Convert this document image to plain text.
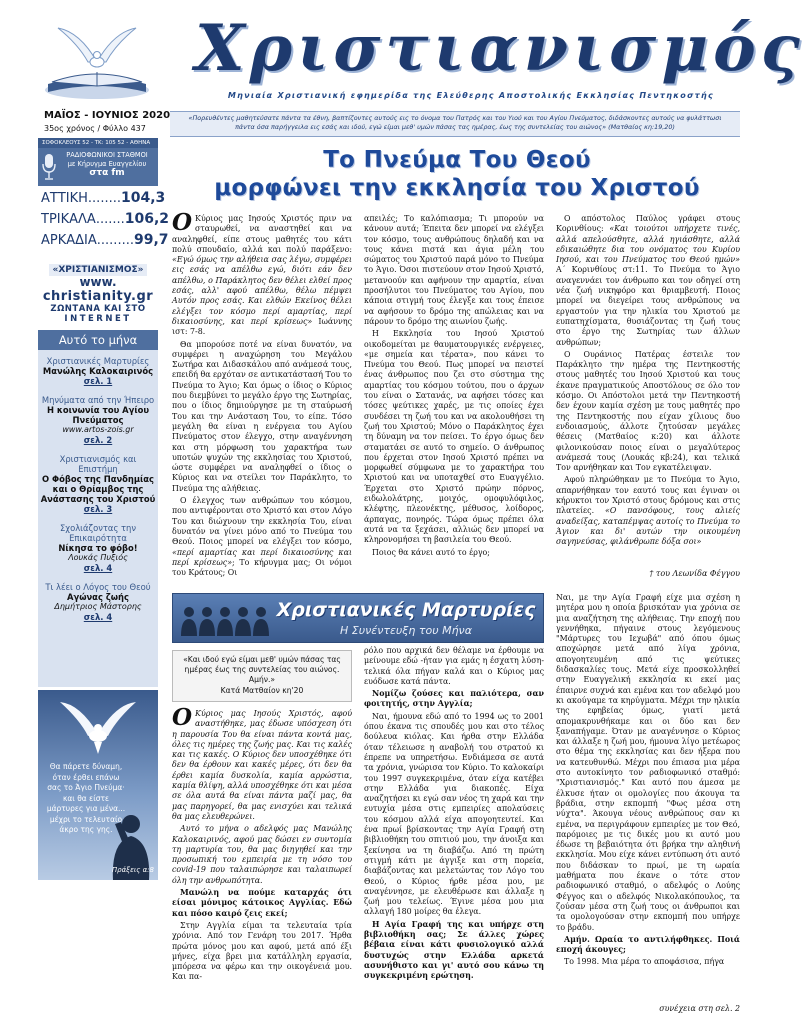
Χριστιανισμός
Μηνιαία Χριστιανική εφημερίδα της Ελεύθερης Αποστολικής Εκκλησίας Πεντηκοστής
ΜΑΪΟΣ - ΙΟΥΝΙΟΣ 2020
35ος χρόνος / Φύλλο 437
«Πορευθέντες μαθητεύσατε πάντα τα έθνη, βαπτίζοντες αυτούς εις το όνομα του Πατρός και του Υιού και του Αγίου Πνεύματος, διδάσκοντες αυτούς να φυλάττωσι πάντα όσα παρήγγειλα εις εσάς και ιδού, εγώ είμαι μεθ' υμών πάσας τας ημέρας, έως της συντελείας του αιώνος» (Ματθαίος κη:19,20)
ΣΟΦΟΚΛΕΟΥΣ 52 - ΤΚ: 105 52 - ΑΘΗΝΑ
ΡΑΔΙΟΦΩΝΙΚΟΙ ΣΤΑΘΜΟΙ
με Κήρυγμα Ευαγγελίου
στα fm
ΑΤΤΙΚΗ ........ 104,3
ΤΡΙΚΑΛΑ ....... 106,2
ΑΡΚΑΔΙΑ ......... 99,7
«ΧΡΙΣΤΙΑΝΙΣΜΟΣ»
www.
christianity.gr
ΖΩΝΤΑΝΑ ΚΑΙ ΣΤΟ
INTERNET
Αυτό το μήνα
Χριστιανικές Μαρτυρίες
Μανώλης Καλοκαιρινός
σελ. 1
Μηνύματα από την Ήπειρο
Η κοινωνία του Αγίου Πνεύματος
www.artos-zois.gr
σελ. 2
Χριστιανισμός και Επιστήμη
Ο Φόβος της Πανδημίας και ο Θρίαμβος της Ανάστασης του Χριστού
σελ. 3
Σχολιάζοντας την Επικαιρότητα
Νίκησα το φόβο!
Λουκάς Πυξιός
σελ. 4
Τι λέει ο Λόγος του Θεού
Αγώνας ζωής
Δημήτριος Μάστορης
σελ. 4
Θα πάρετε δύναμη, όταν έρθει επάνω σας το Άγιο Πνεύμα· και θα είστε μάρτυρες για μένα... μέχρι το τελευταίο άκρο της γης.
Πράξεις α:8
Το Πνεύμα Του Θεού
μορφώνει την εκκλησία του Χριστού

Ο Κύριος μας Ιησούς Χριστός πριν να σταυρωθεί, να αναστηθεί και να αναληφθεί, είπε στους μαθητές του κάτι πολύ σπουδαίο, αλλά και πολύ παράξενο: «Εγώ όμως την αλήθεια σας λέγω, συμφέρει εις εσάς να απέλθω εγώ, διότι εάν δεν απέλθω, ο Παράκλητος δεν θέλει ελθεί προς εσάς, αλλ' αφού απέλθω, θέλω πέμψει Αυτόν προς εσάς. Και ελθών Εκείνος θέλει ελέγξει τον κόσμο περί αμαρτίας, περί δικαιοσύνης, και περί κρίσεως» Ιωάννης ιστ: 7-8.

Θα μπορούσε ποτέ να είναι δυνατόν, να συμφέρει η αναχώρηση του Μεγάλου Σωτήρα και Διδασκάλου από ανάμεσά τους, επειδή θα ερχόταν σε αντικατάστασή Του το Πνεύμα το Άγιο; Και όμως ο ίδιος ο Κύριος που διεμβύνει το μεγάλο έργο της Σωτηρίας, που ο ίδιος δημιούργησε με τη σταύρωσή Του και την Ανάσταση Του, το είπε. Τόσο μεγάλη θα είναι η ενέργεια του Αγίου Πνεύματος στον έλεγχο, στην αναγέννηση και στη μόρφωση του χαρακτήρα των υποτών ψυχών της εκκλησίας του Χριστού, ώστε συμφέρει να αναληφθεί ο ίδιος ο Κύριος και να στείλει τον Παράκλητο, το Πνεύμα της αλήθειας.

Ο έλεγχος των ανθρώπων του κόσμου, που αντιφέρονται στο Χριστό και στον Λόγο Του και διώχνουν την εκκλησία Του, είναι δυνατόν να γίνει μόνο από το Πνεύμα του Θεού. Ποιος μπορεί να ελέγξει τον κόσμο, «περί αμαρτίας και περί δικαιοσύνης και περί κρίσεως»; Το κήρυγμα μας; Οι νόμοι του Κράτους; Οι

απειλές; Το καλόπιασμα; Τι μπορούν να κάνουν αυτά; Έπειτα δεν μπορεί να ελέγξει τον κόσμο, τους ανθρώπους δηλαδή και να τους κάνει πιστά και άγια μέλη του σώματος του Χριστού παρά μόνο το Πνεύμα το Άγιο. Όσοι πιστεύουν στον Ιησού Χριστό, μετανοούν και αφήνουν την αμαρτία, είναι προσήλυτοι του Πνεύματος του Αγίου, που κάποια στιγμή τους έλεγξε και τους έπεισε να αφήσουν το δρόμο της απώλειας και να πάρουν το δρόμο της αιωνίου ζωής.

Η Εκκλησία του Ιησού Χριστού οικοδομείται με θαυματουργικές ενέργειες, «με σημεία και τέρατα», που κάνει το Πνεύμα του Θεού. Πως μπορεί να πειστεί ένας άνθρωπος που ζει στο σύστημα της αμαρτίας του κόσμου τούτου, που ο άρχων του είναι ο Σατανάς, να αφήσει τόσες και τόσες ψεύτικες χαρές, με τις οποίες έχει συνδέσει τη ζωή του και να ακολουθήσει τη ζωή του Χριστού; Μόνο ο Παράκλητος έχει τη δύναμη να τον πείσει. Το έργο όμως δεν σταματάει σε αυτό το σημείο. Ο άνθρωπος που έρχεται στον Ιησού Χριστό πρέπει να μορφωθεί σύμφωνα με το χαρακτήρα του Χριστού και να υποταχθεί στο Ευαγγέλιο. Έρχεται στο Χριστό πρώην πόρνος, ειδωλολάτρης, μοιχός, ομοφυλόφιλος, κλέφτης, πλεονέκτης, μέθυσος, λοίδορος, άρπαγας, πονηρός. Τώρα όμως πρέπει όλα αυτά να τα ξεχάσει, αλλιώς δεν μπορεί να κληρονομήσει τη βασιλεία του Θεού.

Ποιος θα κάνει αυτό το έργο;

Ο απόστολος Παύλος γράφει στους Κορινθίους: «Και τοιούτοι υπήρχετε τινές, αλλά απελούσθητε, αλλά ηγιάσθητε, αλλά εδικαιώθητε δια του ονόματος του Κυρίου Ιησού, και του Πνεύματος του Θεού ημών» Α΄ Κορινθίους στ:11. Το Πνεύμα το Άγιο αναγεννάει τον άνθρωπο και τον οδηγεί στη νέα ζωή νικηφόρο και θριαμβευτή. Ποιος μπορεί να διεγείρει τους ανθρώπους να εργαστούν για την ηλικία του Χριστού με ευπατηχίσματα, θυσιάζοντας τη ζωή τους στο έργο της Σωτηρίας των άλλων ανθρώπων;

Ο Ουράνιος Πατέρας έστειλε τον Παράκλητο την ημέρα της Πεντηκοστής στους μαθητές του Ιησού Χριστού και τους έκανε πραγματικούς Αποστόλους σε όλο τον κόσμο. Οι Απόστολοι μετά την Πεντηκοστή δεν έχουν καμία σχέση με τους μαθητές προ της Πεντηκοστής που είχαν χίλιους δυο ενδοιασμούς, άλλοτε ζητούσαν μεγάλες θέσεις (Ματθαίος κ:20) και άλλοτε φιλονικούσαν ποιος είναι ο μεγαλύτερος ανάμεσά τους (Λουκάς κβ:24), και τελικά Τον αρνήθηκαν και Τον εγκατέλειψαν.

Αφού πληρώθηκαν με το Πνεύμα το Άγιο, απαρνήθηκαν τον εαυτό τους και έγιναν οι κήρυκτοι τον Χριστό στους δρόμους και στις πλατείες. «Ο πανσόφους, τους αλιείς αναδείξας, καταπέμψας αυτοίς το Πνεύμα το Άγιον και δι' αυτών την οικουμένη σαγηνεύσας, φιλάνθρωπε δόξα σοι»

† του Λεωνίδα Φέγγου
Χριστιανικές Μαρτυρίες
Η Συνέντευξη του Μήνα
«Και ιδού εγώ είμαι μεθ' υμών πάσας τας ημέρας έως της συντελείας του αιώνος. Αμήν.»
Κατά Ματθαίον κη'20

Ο Κύριος μας Ιησούς Χριστός, αφού αναστήθηκε, μας έδωσε υπόσχεση ότι η παρουσία Του θα είναι πάντα κοντά μας, όλες τις ημέρες της ζωής μας. Και τις καλές και τις κακές. Ο Κύριος δεν υποσχέθηκε ότι δεν θα έρθουν και κακές μέρες, ότι δεν θα έρθει καμία δυσκολία, καμία αρρώστια, καμία θλίψη, αλλά υποσχέθηκε ότι και μέσα σε όλα αυτά θα είναι πάντα μαζί μας, θα μας παρηγορεί, θα μας ενισχύει και τελικά θα μας ελευθερώνει.

Αυτό το μήνα ο αδελφός μας Μανώλης Καλοκαιρινός, αφού μας δώσει εν συντομία τη μαρτυρία του, θα μας διηγηθεί και την προσωπική του εμπειρία με τη νόσο του covid-19 που ταλαιπώρησε και ταλαιπωρεί όλη την ανθρωπότητα.

Μανώλη να πούμε καταρχάς ότι είσαι μόνιμος κάτοικος Αγγλίας. Εδώ και πόσο καιρό ζεις εκεί;

Στην Αγγλία είμαι τα τελευταία τρία χρόνια. Από τον Γενάρη του 2017. Ήρθα πρώτα μόνος μου και αφού, μετά από έξι μήνες, είχα βρει μια κατάλληλη εργασία, μπόρεσα να φέρω και την οικογένειά μου. Και πα-

ρόλο που αρχικά δεν θέλαμε να έρθουμε να μείνουμε εδώ -ήταν για εμάς η έσχατη λύση- τελικά όλα πήγαν καλά και ο Κύριος μας ευόδωσε κατά πάντα.

Νομίζω ζούσες και παλιότερα, σαν φοιτητής, στην Αγγλία;

Ναι, ήμουνα εδώ από το 1994 ως το 2001 όπου έκανα τις σπουδές μου και στο τέλος δούλευα κιόλας. Και ήρθα στην Ελλάδα όταν τέλειωσε η αναβολή του στρατού κι έπρεπε να υπηρετήσω. Ενδιάμεσα σε αυτά τα χρόνια, γνώρισα τον Κύριο. Το καλοκαίρι του 1997 συγκεκριμένα, όταν είχα κατέβει στην Ελλάδα για διακοπές. Είχα αναζητήσει κι εγώ σαν νέος τη χαρά και την ευτυχία μέσα στις εμπειρίες απολαύσεις του κόσμου αλλά είχα απογοητευτεί. Και ένα πρωί βρίσκοντας την Αγία Γραφή στη βιβλιοθήκη του σπιτιού μου, την άνοιξα και ξεκίνησα να τη διαβάζω. Από τη πρώτη στιγμή κάτι με άγγιξε και στη πορεία, διαβάζοντας και μελετώντας τον Λόγο του Θεού, ο Κύριος ήρθε μέσα μου, με αναγέννησε, με ελευθέρωσε και άλλαξε η ζωή μου τελείως. Έγινε μέσα μου μια αλλαγή 180 μοίρες θα έλεγα.

Η Αγία Γραφή της και υπήρχε στη βιβλιοθήκη σας; Σε άλλες χώρες βέβαια είναι κάτι φυσιολογικό αλλά δυστυχώς στην Ελλάδα αρκετά ασυνήθιστο και γι' αυτό σου κάνω τη συγκεκριμένη ερώτηση.

Ναι, με την Αγία Γραφή είχε μια σχέση η μητέρα μου η οποία βρισκόταν για χρόνια σε μια αναζήτηση της αλήθειας. Την εποχή που γεννήθηκα, πήγαινε στους λεγόμενους "Μάρτυρες του Ιεχωβά" από όπου όμως αποχώρησε μετά από λίγα χρόνια, απογοητευμένη από τις ψεύτικες διδασκαλίες τους. Μετά είχε προσκολληθεί στην Ευαγγελική εκκλησία κι εκεί μας έπαιρνε συχνά και εμένα και τον αδελφό μου κι ακούγαμε τα κηρύγματα. Μέχρι την ηλικία της εφηβείας όμως, γιατί μετά απομακρυνθήκαμε και οι δύο και δεν ξαναπήγαμε. Όταν με αναγέννησε ο Κύριος και άλλαξε η ζωή μου, ήμουνα λίγο μετέωρος στο θέμα της εκκλησίας και δεν ήξερα που να κατευθυνθώ. Μέχρι που έπιασα μια μέρα στο αυτοκίνητο τον ραδιοφωνικό σταθμό: "Χριστιανισμός." Και αυτό που άμεσα με έλκυσε ήταν οι ομολογίες που άκουγα τα βράδια, στην εκπομπή "Φως μέσα στη νύχτα". Άκουγα νέους ανθρώπους σαν κι εμένα, να περιγράφουν εμπειρίες με τον Θεό, παρόμοιες με τις δικές μου κι αυτό μου έδωσε τη βεβαιότητα ότι βρήκα την αληθινή εκκλησία. Μου είχε κάνει εντύπωση ότι αυτό που διδάσκαν το πρωί, με τη ωραία μαθήματα που έκανε ο τότε στον ραδιοφωνικό σταθμό, ο αδελφός ο Λούης Φέγγος και ο αδελφός Νικολακόπουλος, τα ζούσαν μέσα στη ζωή τους οι άνθρωποι και τα ομολογούσαν στην εκπομπή που υπήρχε το βράδυ.

Αμήν. Ωραία το αντιλήφθηκες. Ποιά εποχή άκουγες;

Το 1998. Μια μέρα το αποφάσισα, πήγα

συνέχεια στη σελ. 2
